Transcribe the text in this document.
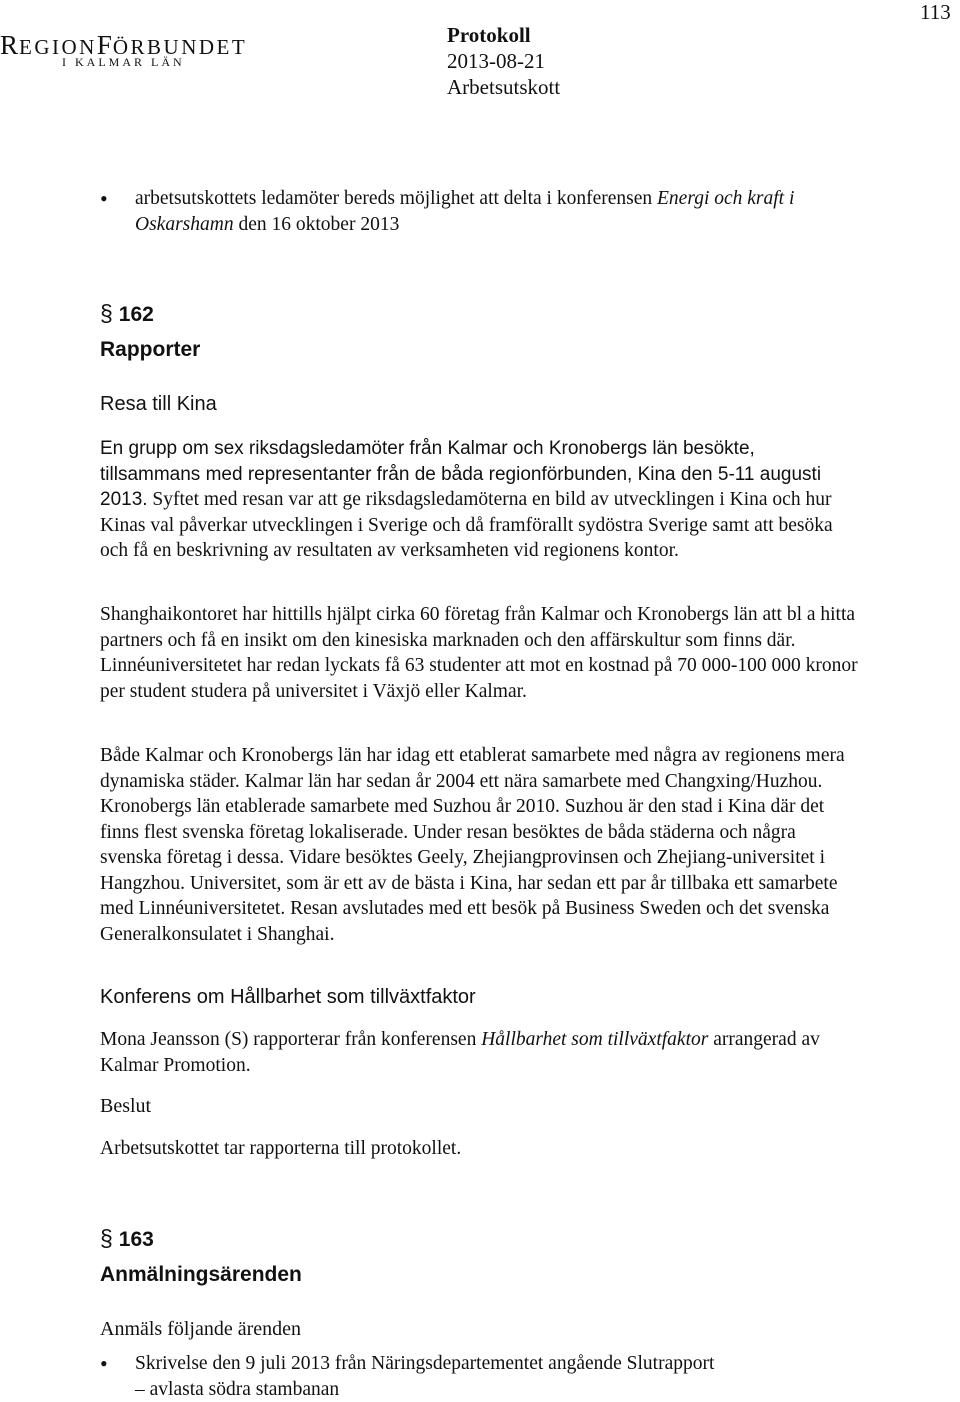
REGIONFÖRBUNDET
I KALMAR LÄN
113
Protokoll
2013-08-21
Arbetsutskott
• arbetsutskottets ledamöter bereds möjlighet att delta i konferensen Energi och kraft i Oskarshamn den 16 oktober 2013
§ 162
Rapporter
Resa till Kina
En grupp om sex riksdagsledamöter från Kalmar och Kronobergs län besökte, tillsammans med representanter från de båda regionförbunden, Kina den 5-11 augusti 2013. Syftet med resan var att ge riksdagsledamöterna en bild av utvecklingen i Kina och hur Kinas val påverkar utvecklingen i Sverige och då framförallt sydöstra Sverige samt att besöka och få en beskrivning av resultaten av verksamheten vid regionens kontor.
Shanghaikontoret har hittills hjälpt cirka 60 företag från Kalmar och Kronobergs län att bl a hitta partners och få en insikt om den kinesiska marknaden och den affärskultur som finns där. Linnéuniversitetet har redan lyckats få 63 studenter att mot en kostnad på 70 000-100 000 kronor per student studera på universitet i Växjö eller Kalmar.
Både Kalmar och Kronobergs län har idag ett etablerat samarbete med några av regionens mera dynamiska städer. Kalmar län har sedan år 2004 ett nära samarbete med Changxing/Huzhou. Kronobergs län etablerade samarbete med Suzhou år 2010. Suzhou är den stad i Kina där det finns flest svenska företag lokaliserade. Under resan besöktes de båda städerna och några svenska företag i dessa. Vidare besöktes Geely, Zhejiangprovinsen och Zhejiang-universitet i Hangzhou. Universitet, som är ett av de bästa i Kina, har sedan ett par år tillbaka ett samarbete med Linnéuniversitetet. Resan avslutades med ett besök på Business Sweden och det svenska Generalkonsulatet i Shanghai.
Konferens om Hållbarhet som tillväxtfaktor
Mona Jeansson (S) rapporterar från konferensen Hållbarhet som tillväxtfaktor arrangerad av Kalmar Promotion.
Beslut
Arbetsutskottet tar rapporterna till protokollet.
§ 163
Anmälningsärenden
Anmäls följande ärenden
• Skrivelse den 9 juli 2013 från Näringsdepartementet angående Slutrapport
– avlasta södra stambanan
